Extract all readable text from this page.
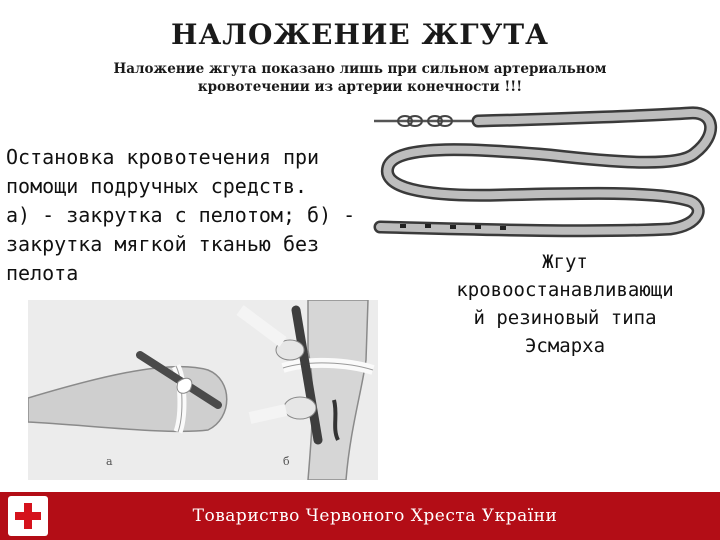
НАЛОЖЕНИЕ ЖГУТА
Наложение жгута показано лишь при сильном артериальном
кровотечении из артерии конечности !!!
Остановка кровотечения при
помощи подручных средств.
а) - закрутка с пелотом; б) -
закрутка мягкой тканью без
пелота	Жгут
кровоостанавливающи
й резиновый типа
Эсмарха
а	б
Товариство Червоного Хреста України
